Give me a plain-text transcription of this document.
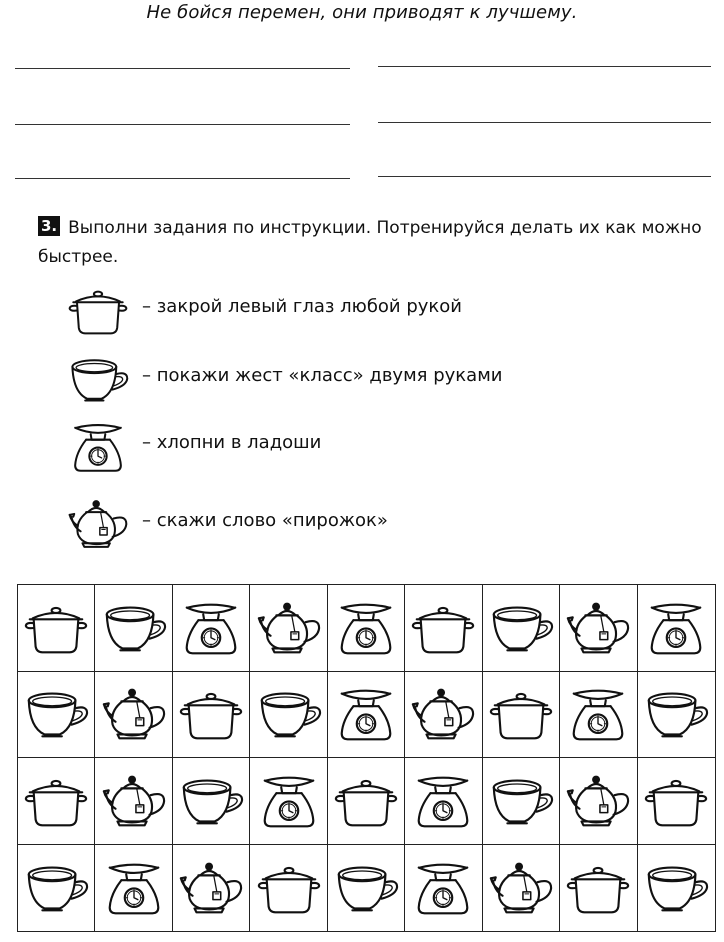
Не бойся перемен, они приводят к лучшему.
3. Выполни задания по инструкции. Потренируйся делать их как можно
быстрее.
– закрой левый глаз любой рукой
– покажи жест «класс» двумя руками
– хлопни в ладоши
– скажи слово «пирожок»
